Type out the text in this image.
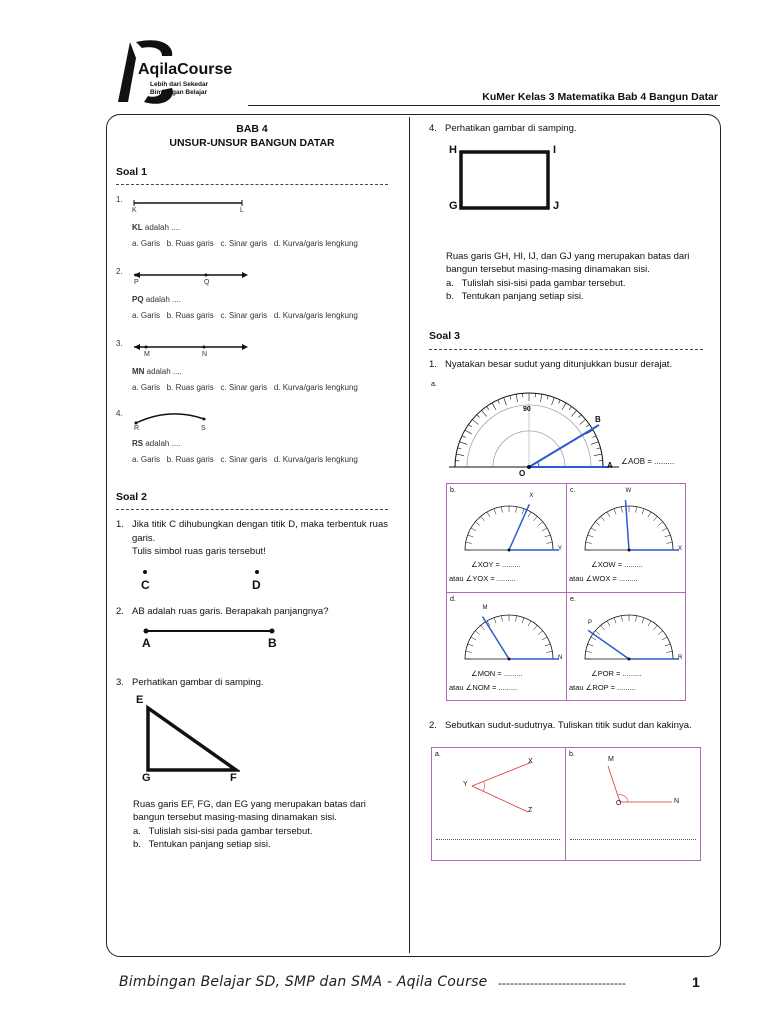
AqilaCourse
Lebih dari Sekedar
Bimbingan Belajar	KuMer Kelas 3 Matematika Bab 4 Bangun Datar
BAB 4
UNSUR-UNSUR BANGUN DATAR
Soal 1
1.
K	L
KL adalah ....
a. Garis   b. Ruas garis   c. Sinar garis   d. Kurva/garis lengkung
2.
P	Q
PQ adalah ....
a. Garis   b. Ruas garis   c. Sinar garis   d. Kurva/garis lengkung
3.
M	N
MN adalah ....
a. Garis   b. Ruas garis   c. Sinar garis   d. Kurva/garis lengkung
4.
R	S
RS adalah ....
a. Garis   b. Ruas garis   c. Sinar garis   d. Kurva/garis lengkung
Soal 2
1. Jika titik C dihubungkan dengan titik D, maka terbentuk ruas garis.
Tulis simbol ruas garis tersebut!
C	D
2. AB adalah ruas garis. Berapakah panjangnya?
A	B
3. Perhatikan gambar di samping.
E
G	F
Ruas garis EF, FG, dan EG yang merupakan batas dari bangun tersebut masing-masing dinamakan sisi.
a.   Tulislah sisi-sisi pada gambar tersebut.
b.   Tentukan panjang setiap sisi.
4. Perhatikan gambar di samping.
H	I
G	J
Ruas garis GH, HI, IJ, dan GJ yang merupakan batas dari bangun tersebut masing-masing dinamakan sisi.
a.   Tulislah sisi-sisi pada gambar tersebut.
b.   Tentukan panjang setiap sisi.
Soal 3
1. Nyatakan besar sudut yang ditunjukkan busur derajat.
a.
90
B
O
A ∠AOB = .........
b.
X
Y
∠XOY = .........
atau ∠YOX = .........
c.	W
X
∠XOW = .........
atau ∠WOX = .........
d.
M
N
∠MON = .........
atau ∠NOM = .........
e.
P
R
∠POR = .........
atau ∠ROP = .........
2. Sebutkan sudut-sudutnya. Tuliskan titik sudut dan kakinya.
a.
X
Y
Z
b.
M
O	N
Bimbingan Belajar SD, SMP dan SMA - Aqila Course --------------------------------	1
